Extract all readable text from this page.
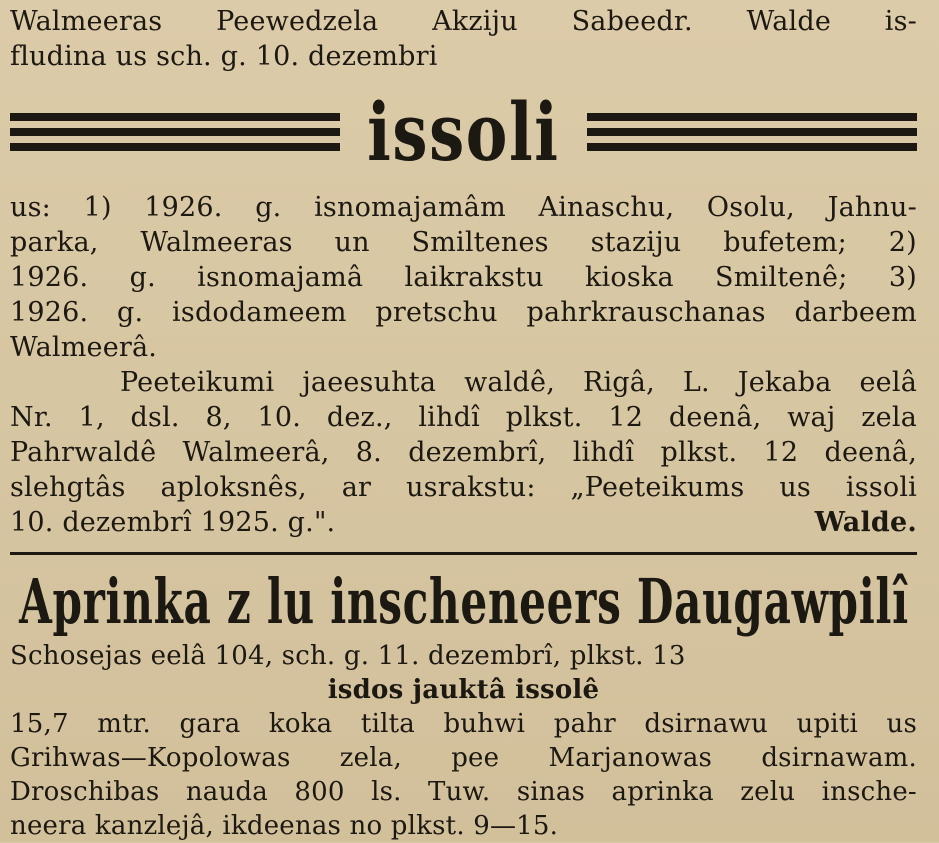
Walmeeras Peewedzela Akziju Sabeedr. Walde is-
fludina us sch. g. 10. dezembri
issoli
us: 1) 1926. g. isnomajamâm Ainaschu, Osolu, Jahnu-
parka, Walmeeras un Smiltenes staziju bufetem; 2)
1926. g. isnomajamâ laikrakstu kioska Smiltenê; 3)
1926. g. isdodameem pretschu pahrkrauschanas darbeem
Walmeerâ.
Peeteikumi jaeesuhta waldê, Rigâ, L. Jekaba eelâ
Nr. 1, dsl. 8, 10. dez., lihdî plkst. 12 deenâ, waj zela
Pahrwaldê Walmeerâ, 8. dezembrî, lihdî plkst. 12 deenâ,
slehgtâs aploksnês, ar usrakstu: „Peeteikums us issoli
10. dezembrî 1925. g.".	Walde.
Aprinka z lu inscheneers Daugawpilî
Schosejas eelâ 104, sch. g. 11. dezembrî, plkst. 13
isdos jauktâ issolê
15,7 mtr. gara koka tilta buhwi pahr dsirnawu upiti us
Grihwas—Kopolowas zela, pee Marjanowas dsirnawam.
Droschibas nauda 800 ls. Tuw. sinas aprinka zelu insche-
neera kanzlejâ, ikdeenas no plkst. 9—15.
